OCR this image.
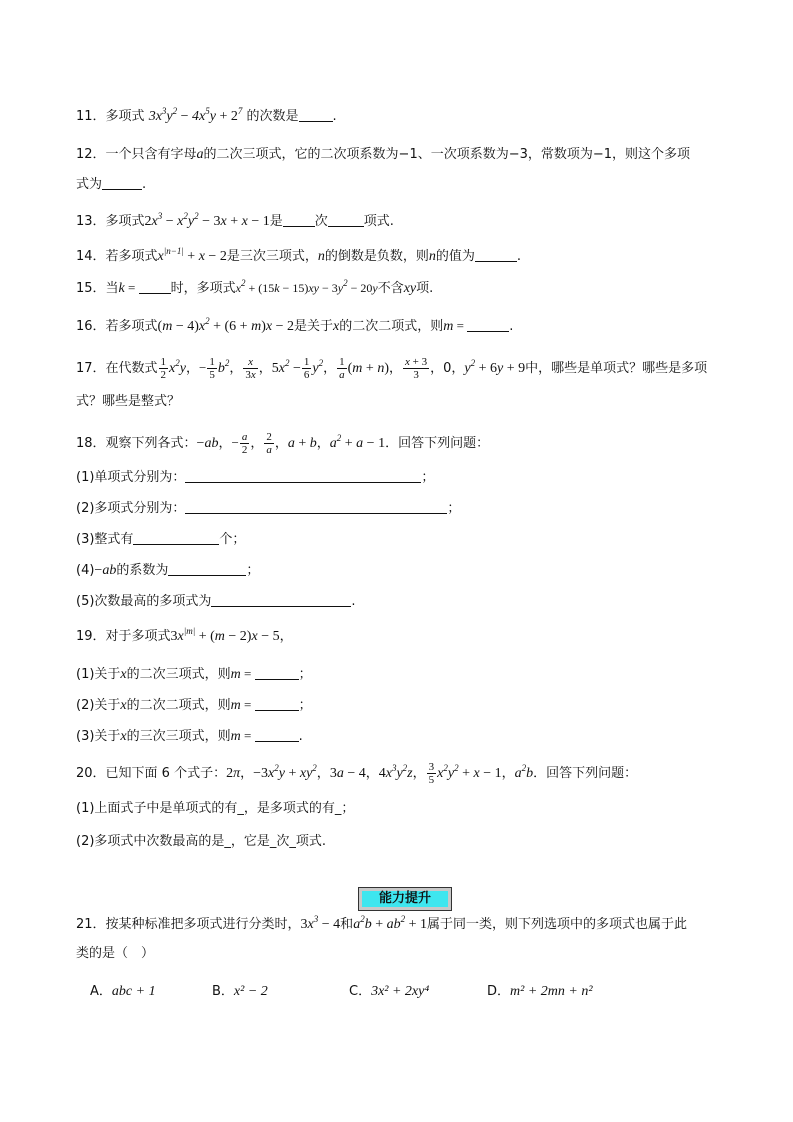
11．多项式 $3x^3y^2 - 4x^5y + 2^7$ 的次数是	.
12．一个只含有字母a的二次三项式，它的二次项系数为−1、一次项系数为−3，常数项为−1，则这个多项
式为	.
13．多项式$2x^3 - x^2y^2 - 3x + x - 1$是 次	项式.
14．若多项式$x^{|n-1|} + x - 2$是三次三项式，n的倒数是负数，则n的值为	.
15．当k = 时，多项式$x^2 + (15k - 15)xy - 3y^2 - 20y$不含xy项.
16．若多项式$(m - 4)x^2 + (6 + m)x - 2$是关于x的二次二项式，则m =	.
17．在代数式 $\frac{1}{2} x^2y$，− $\frac{1}{5} b^2$， $\frac{x}{3x}$ ，$5x^2 - \frac{1}{6} y^2$， $\frac{1}{a} (m + n)$， $\frac{x + 3}{3}$ ，0，$y^2 + 6y + 9$中，哪些是单项式？哪些是多项
式？哪些是整式？
18．观察下列各式：−ab，− $\frac{a}{2}$ ， $\frac{2}{a}$ ，a + b，$a^2 + a - 1$．回答下列问题：
(1)单项式分别为：	；
(2)多项式分别为：	；
(3)整式有	个；
(4)−ab的系数为	；
(5)次数最高的多项式为	.
19．对于多项式$3x^{|m|} + (m - 2)x - 5$，
(1)关于x的二次三项式，则m =	；
(2)关于x的二次二项式，则m =	；
(3)关于x的三次三项式，则m =	.
20．已知下面 6 个式子：2π，$-3x^2y + xy^2$，3a − 4，$4x^3y^2z$， $\frac{3}{5} x^2y^2 + x - 1$，$a^2b$．回答下列问题：
(1)上面式子中是单项式的有_，是多项式的有_；
(2)多项式中次数最高的是_，它是_次_项式.
能力提升
21．按某种标准把多项式进行分类时，$3x^3 - 4$和$a^2b + ab^2 + 1$属于同一类，则下列选项中的多项式也属于此
类的是（　）
A．abc + 1	B．x² − 2	C．3x² + 2xy⁴	D．m² + 2mn + n²
